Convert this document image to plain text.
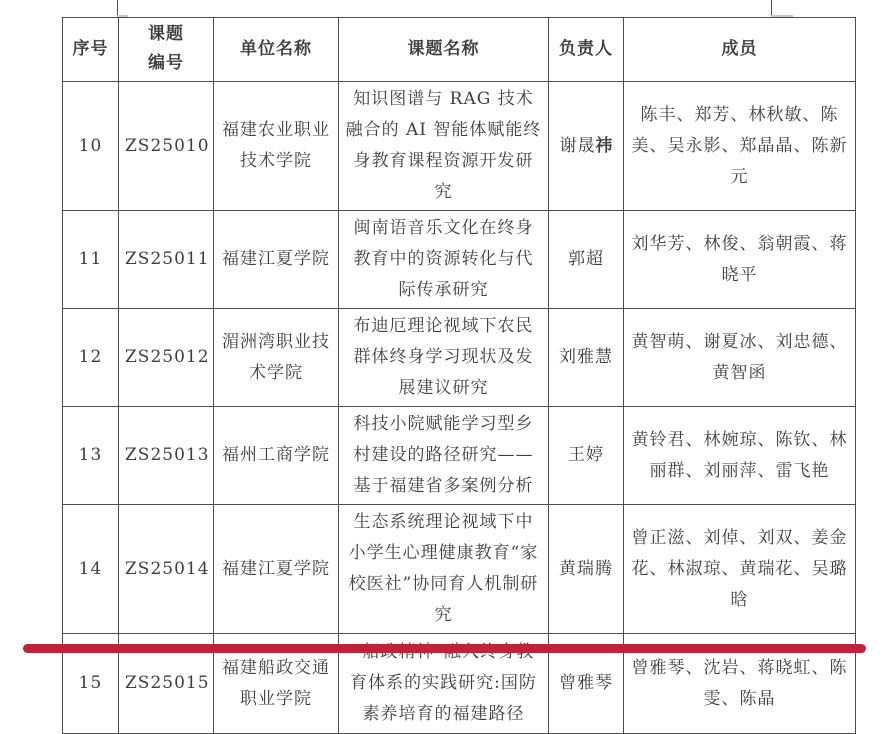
序号	课题编号	单位名称	课题名称	负责人	成员
10	ZS25010	福建农业职业技术学院	知识图谱与 RAG 技术融合的 AI 智能体赋能终身教育课程资源开发研究	谢晟祎	陈丰、郑芳、林秋敏、陈美、吴永影、郑晶晶、陈新元
11	ZS25011	福建江夏学院	闽南语音乐文化在终身教育中的资源转化与代际传承研究	郭超	刘华芳、林俊、翁朝霞、蒋晓平
12	ZS25012	湄洲湾职业技术学院	布迪厄理论视域下农民群体终身学习现状及发展建议研究	刘雅慧	黄智萌、谢夏冰、刘忠德、黄智函
13	ZS25013	福州工商学院	科技小院赋能学习型乡村建设的路径研究——基于福建省多案例分析	王婷	黄铃君、林婉琼、陈钦、林丽群、刘丽萍、雷飞艳
14	ZS25014	福建江夏学院	生态系统理论视域下中小学生心理健康教育“家校医社”协同育人机制研究	黄瑞腾	曾正滋、刘倬、刘双、姜金花、林淑琼、黄瑞花、吴璐晗
15	ZS25015	福建船政交通职业学院	育体系的实践研究:国防素养培育的福建路径	曾雅琴	曾雅琴、沈岩、蒋晓虹、陈雯、陈晶
